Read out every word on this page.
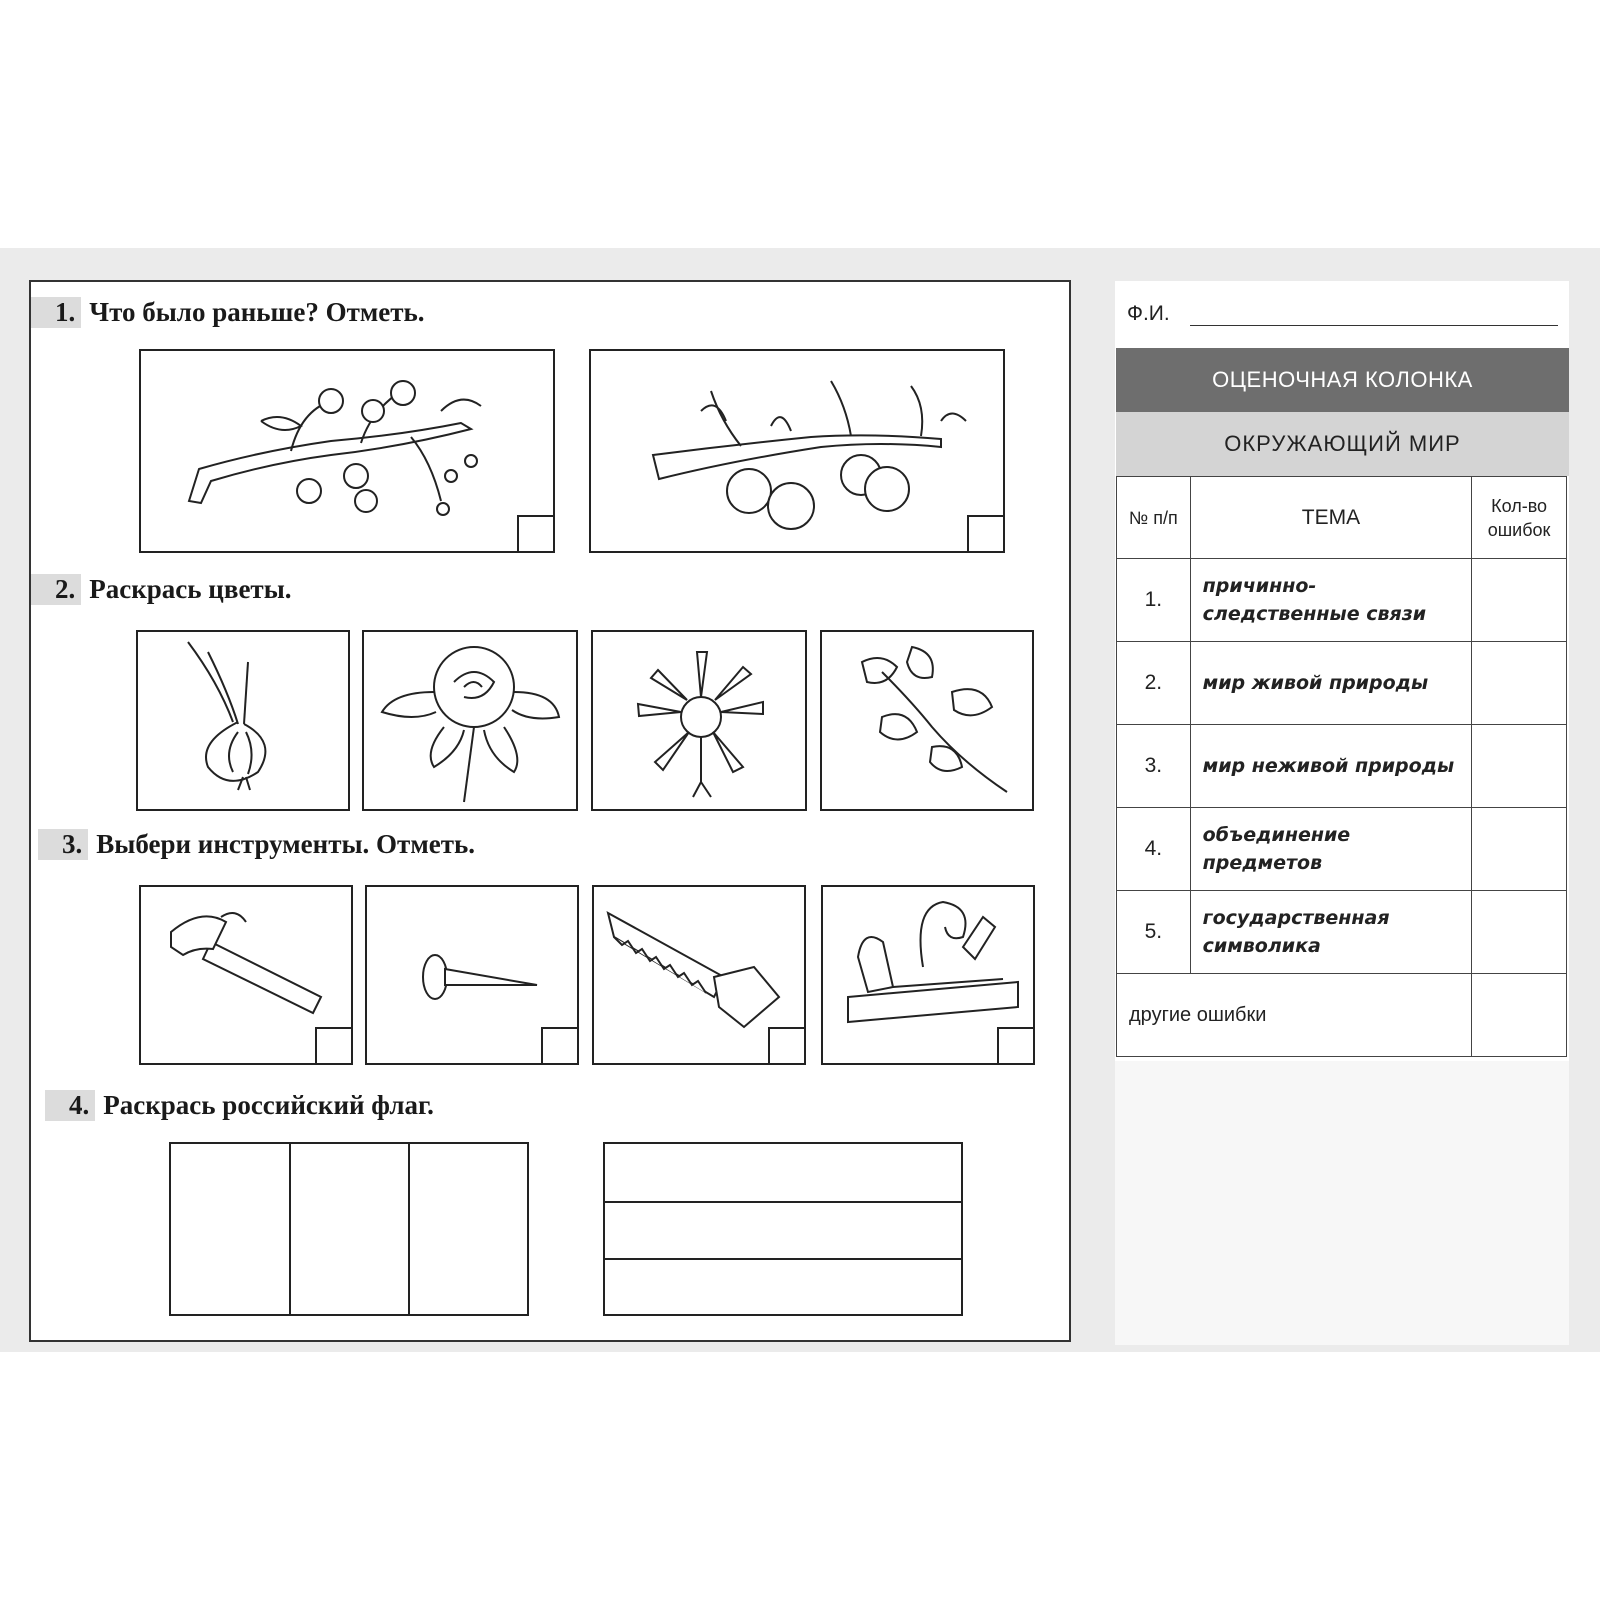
1. Что было раньше? Отметь.
2. Раскрась цветы.
3. Выбери инструменты. Отметь.
4. Раскрась российский флаг.
Ф.И.
ОЦЕНОЧНАЯ КОЛОНКА
ОКРУЖАЮЩИЙ МИР
№ п/п	ТЕМА	Кол-во ошибок
1.	причинно-следственные связи	
2.	мир живой природы	
3.	мир неживой природы	
4.	объединение предметов	
5.	государственная символика	
другие ошибки		
